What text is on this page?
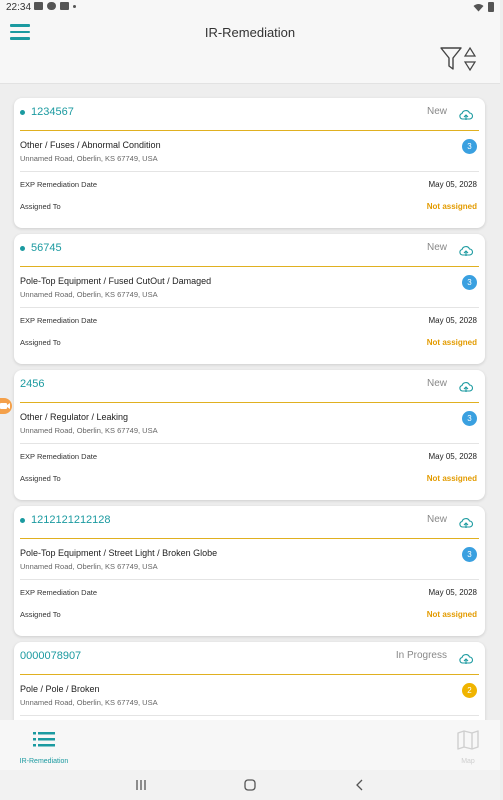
22:34
IR-Remediation
1234567	New
Other / Fuses / Abnormal Condition
Unnamed Road, Oberlin, KS 67749, USA
3
EXP Remediation Date	May 05, 2028
Assigned To	Not assigned
56745	New
Pole-Top Equipment / Fused CutOut / Damaged
Unnamed Road, Oberlin, KS 67749, USA
3
EXP Remediation Date	May 05, 2028
Assigned To	Not assigned
2456	New
Other / Regulator / Leaking
Unnamed Road, Oberlin, KS 67749, USA
3
EXP Remediation Date	May 05, 2028
Assigned To	Not assigned
1212121212128	New
Pole-Top Equipment / Street Light / Broken Globe
Unnamed Road, Oberlin, KS 67749, USA
3
EXP Remediation Date	May 05, 2028
Assigned To	Not assigned
0000078907	In Progress
Pole / Pole / Broken
Unnamed Road, Oberlin, KS 67749, USA
2
IR-Remediation	Map
